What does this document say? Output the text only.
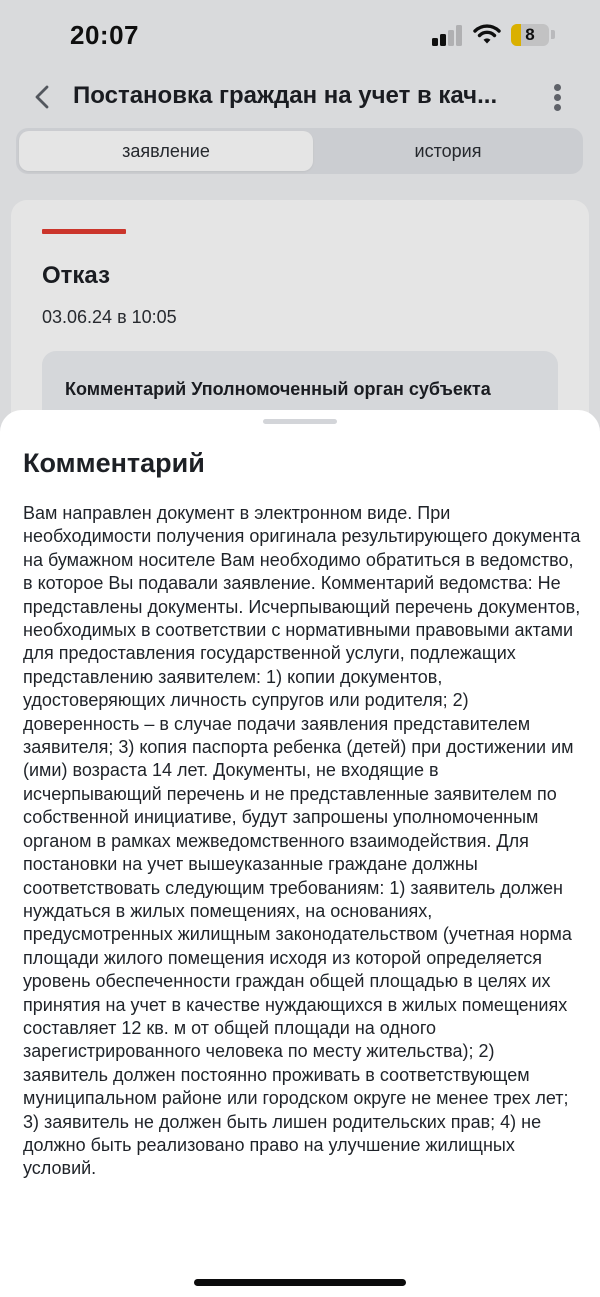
20:07	8
Постановка граждан на учет в кач...
заявление	история
Отказ
03.06.24 в 10:05
Комментарий Уполномоченный орган субъекта
Комментарий
Вам направлен документ в электронном виде. При необходимости получения оригинала результирующего документа на бумажном носителе Вам необходимо обратиться в ведомство, в которое Вы подавали заявление. Комментарий ведомства: Не представлены документы. Исчерпывающий перечень документов, необходимых в соответствии с нормативными правовыми актами для предоставления государственной услуги, подлежащих представлению заявителем: 1) копии документов, удостоверяющих личность супругов или родителя; 2) доверенность – в случае подачи заявления представителем заявителя; 3) копия паспорта ребенка (детей) при достижении им (ими) возраста 14 лет. Документы, не входящие в исчерпывающий перечень и не представленные заявителем по собственной инициативе, будут запрошены уполномоченным органом в рамках межведомственного взаимодействия. Для постановки на учет вышеуказанные граждане должны соответствовать следующим требованиям: 1) заявитель должен нуждаться в жилых помещениях, на основаниях, предусмотренных жилищным законодательством (учетная норма площади жилого помещения исходя из которой определяется уровень обеспеченности граждан общей площадью в целях их принятия на учет в качестве нуждающихся в жилых помещениях составляет 12 кв. м от общей площади на одного зарегистрированного человека по месту жительства); 2) заявитель должен постоянно проживать в соответствующем муниципальном районе или городском округе не менее трех лет; 3) заявитель не должен быть лишен родительских прав; 4) не должно быть реализовано право на улучшение жилищных условий.
